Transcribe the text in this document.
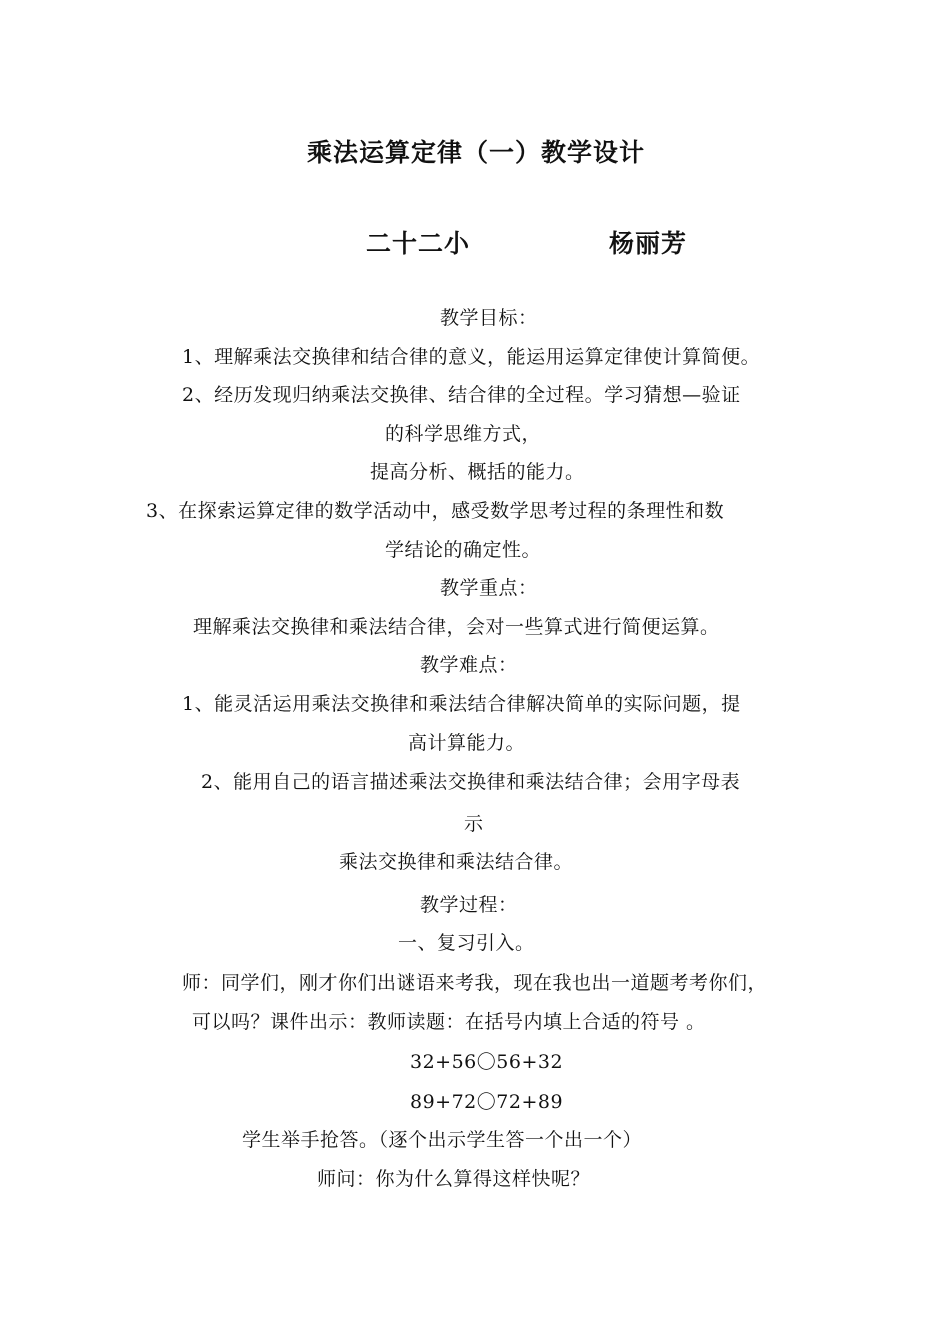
乘法运算定律（一）教学设计
二十二小	杨丽芳
教学目标：
1、理解乘法交换律和结合律的意义，能运用运算定律使计算简便。
2、经历发现归纳乘法交换律、结合律的全过程。学习猜想—验证
的科学思维方式，
提高分析、概括的能力。
3、在探索运算定律的数学活动中，感受数学思考过程的条理性和数
学结论的确定性。
教学重点：
理解乘法交换律和乘法结合律，会对一些算式进行简便运算。
教学难点：
1、能灵活运用乘法交换律和乘法结合律解决简单的实际问题，提
高计算能力。
2、能用自己的语言描述乘法交换律和乘法结合律；会用字母表
示
乘法交换律和乘法结合律。
教学过程：
一、复习引入。
师：同学们，刚才你们出谜语来考我，现在我也出一道题考考你们，
可以吗？课件出示：教师读题：在括号内填上合适的符号 。
32+56〇56+32
89+72〇72+89
学生举手抢答。（逐个出示学生答一个出一个）
师问：你为什么算得这样快呢？
